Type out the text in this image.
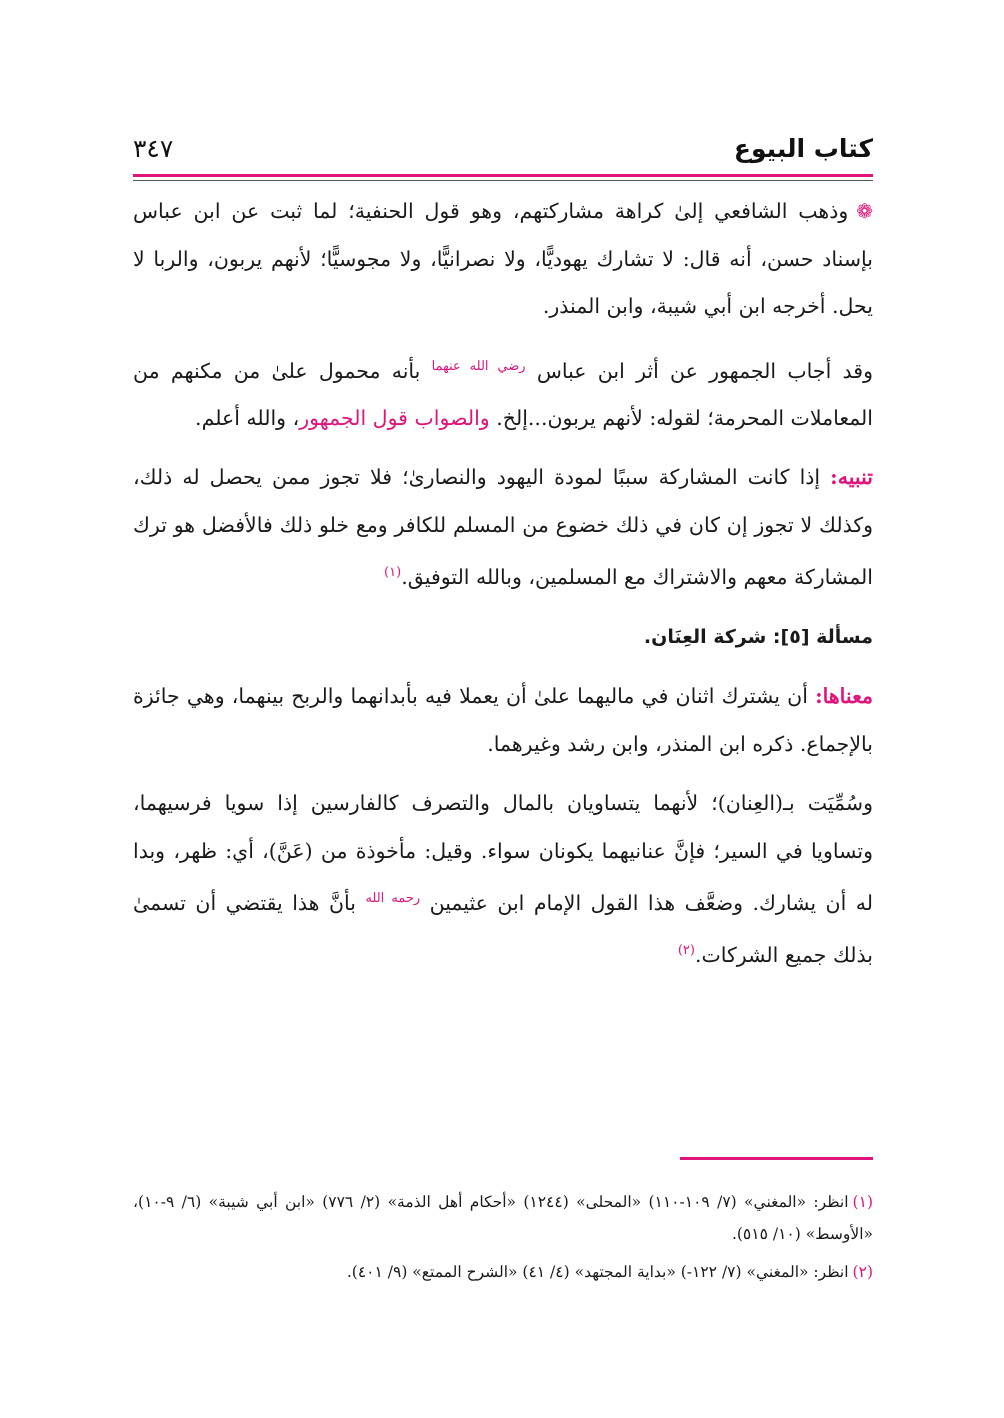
كتاب البيوع
٣٤٧

❁وذهب الشافعي إلىٰ كراهة مشاركتهم، وهو قول الحنفية؛ لما ثبت عن ابن عباس بإسناد حسن، أنه قال: لا تشارك يهوديًّا، ولا نصرانيًّا، ولا مجوسيًّا؛ لأنهم يربون، والربا لا يحل. أخرجه ابن أبي شيبة، وابن المنذر.

وقد أجاب الجمهور عن أثر ابن عباس $^{رضي الله عنهما}$ بأنه محمول علىٰ من مكنهم من المعاملات المحرمة؛ لقوله: لأنهم يربون...إلخ. والصواب قول الجمهور، والله أعلم.

تنبيه: إذا كانت المشاركة سببًا لمودة اليهود والنصارىٰ؛ فلا تجوز ممن يحصل له ذلك، وكذلك لا تجوز إن كان في ذلك خضوع من المسلم للكافر ومع خلو ذلك فالأفضل هو ترك المشاركة معهم والاشتراك مع المسلمين، وبالله التوفيق.$^{(١)}$

مسألة [٥]: شركة العِنَان.

معناها: أن يشترك اثنان في ماليهما علىٰ أن يعملا فيه بأبدانهما والربح بينهما، وهي جائزة بالإجماع. ذكره ابن المنذر، وابن رشد وغيرهما.

وسُمِّيَت بـ(العِنان)؛ لأنهما يتساويان بالمال والتصرف كالفارسين إذا سويا فرسيهما، وتساويا في السير؛ فإنَّ عنانيهما يكونان سواء. وقيل: مأخوذة من (عَنَّ)، أي: ظهر، وبدا له أن يشارك. وضعَّف هذا القول الإمام ابن عثيمين $^{رحمه الله}$ بأنَّ هذا يقتضي أن تسمىٰ بذلك جميع الشركات.$^{(٢)}$

(١)انظر: «المغني» (٧/ ١٠٩-١١٠) «المحلى» (١٢٤٤) «أحكام أهل الذمة» (٢/ ٧٧٦) «ابن أبي شيبة» (٦/ ٩-١٠)، «الأوسط» (١٠/ ٥١٥).

(٢)انظر: «المغني» (٧/ ١٢٢-) «بداية المجتهد» (٤/ ٤١) «الشرح الممتع» (٩/ ٤٠١).
